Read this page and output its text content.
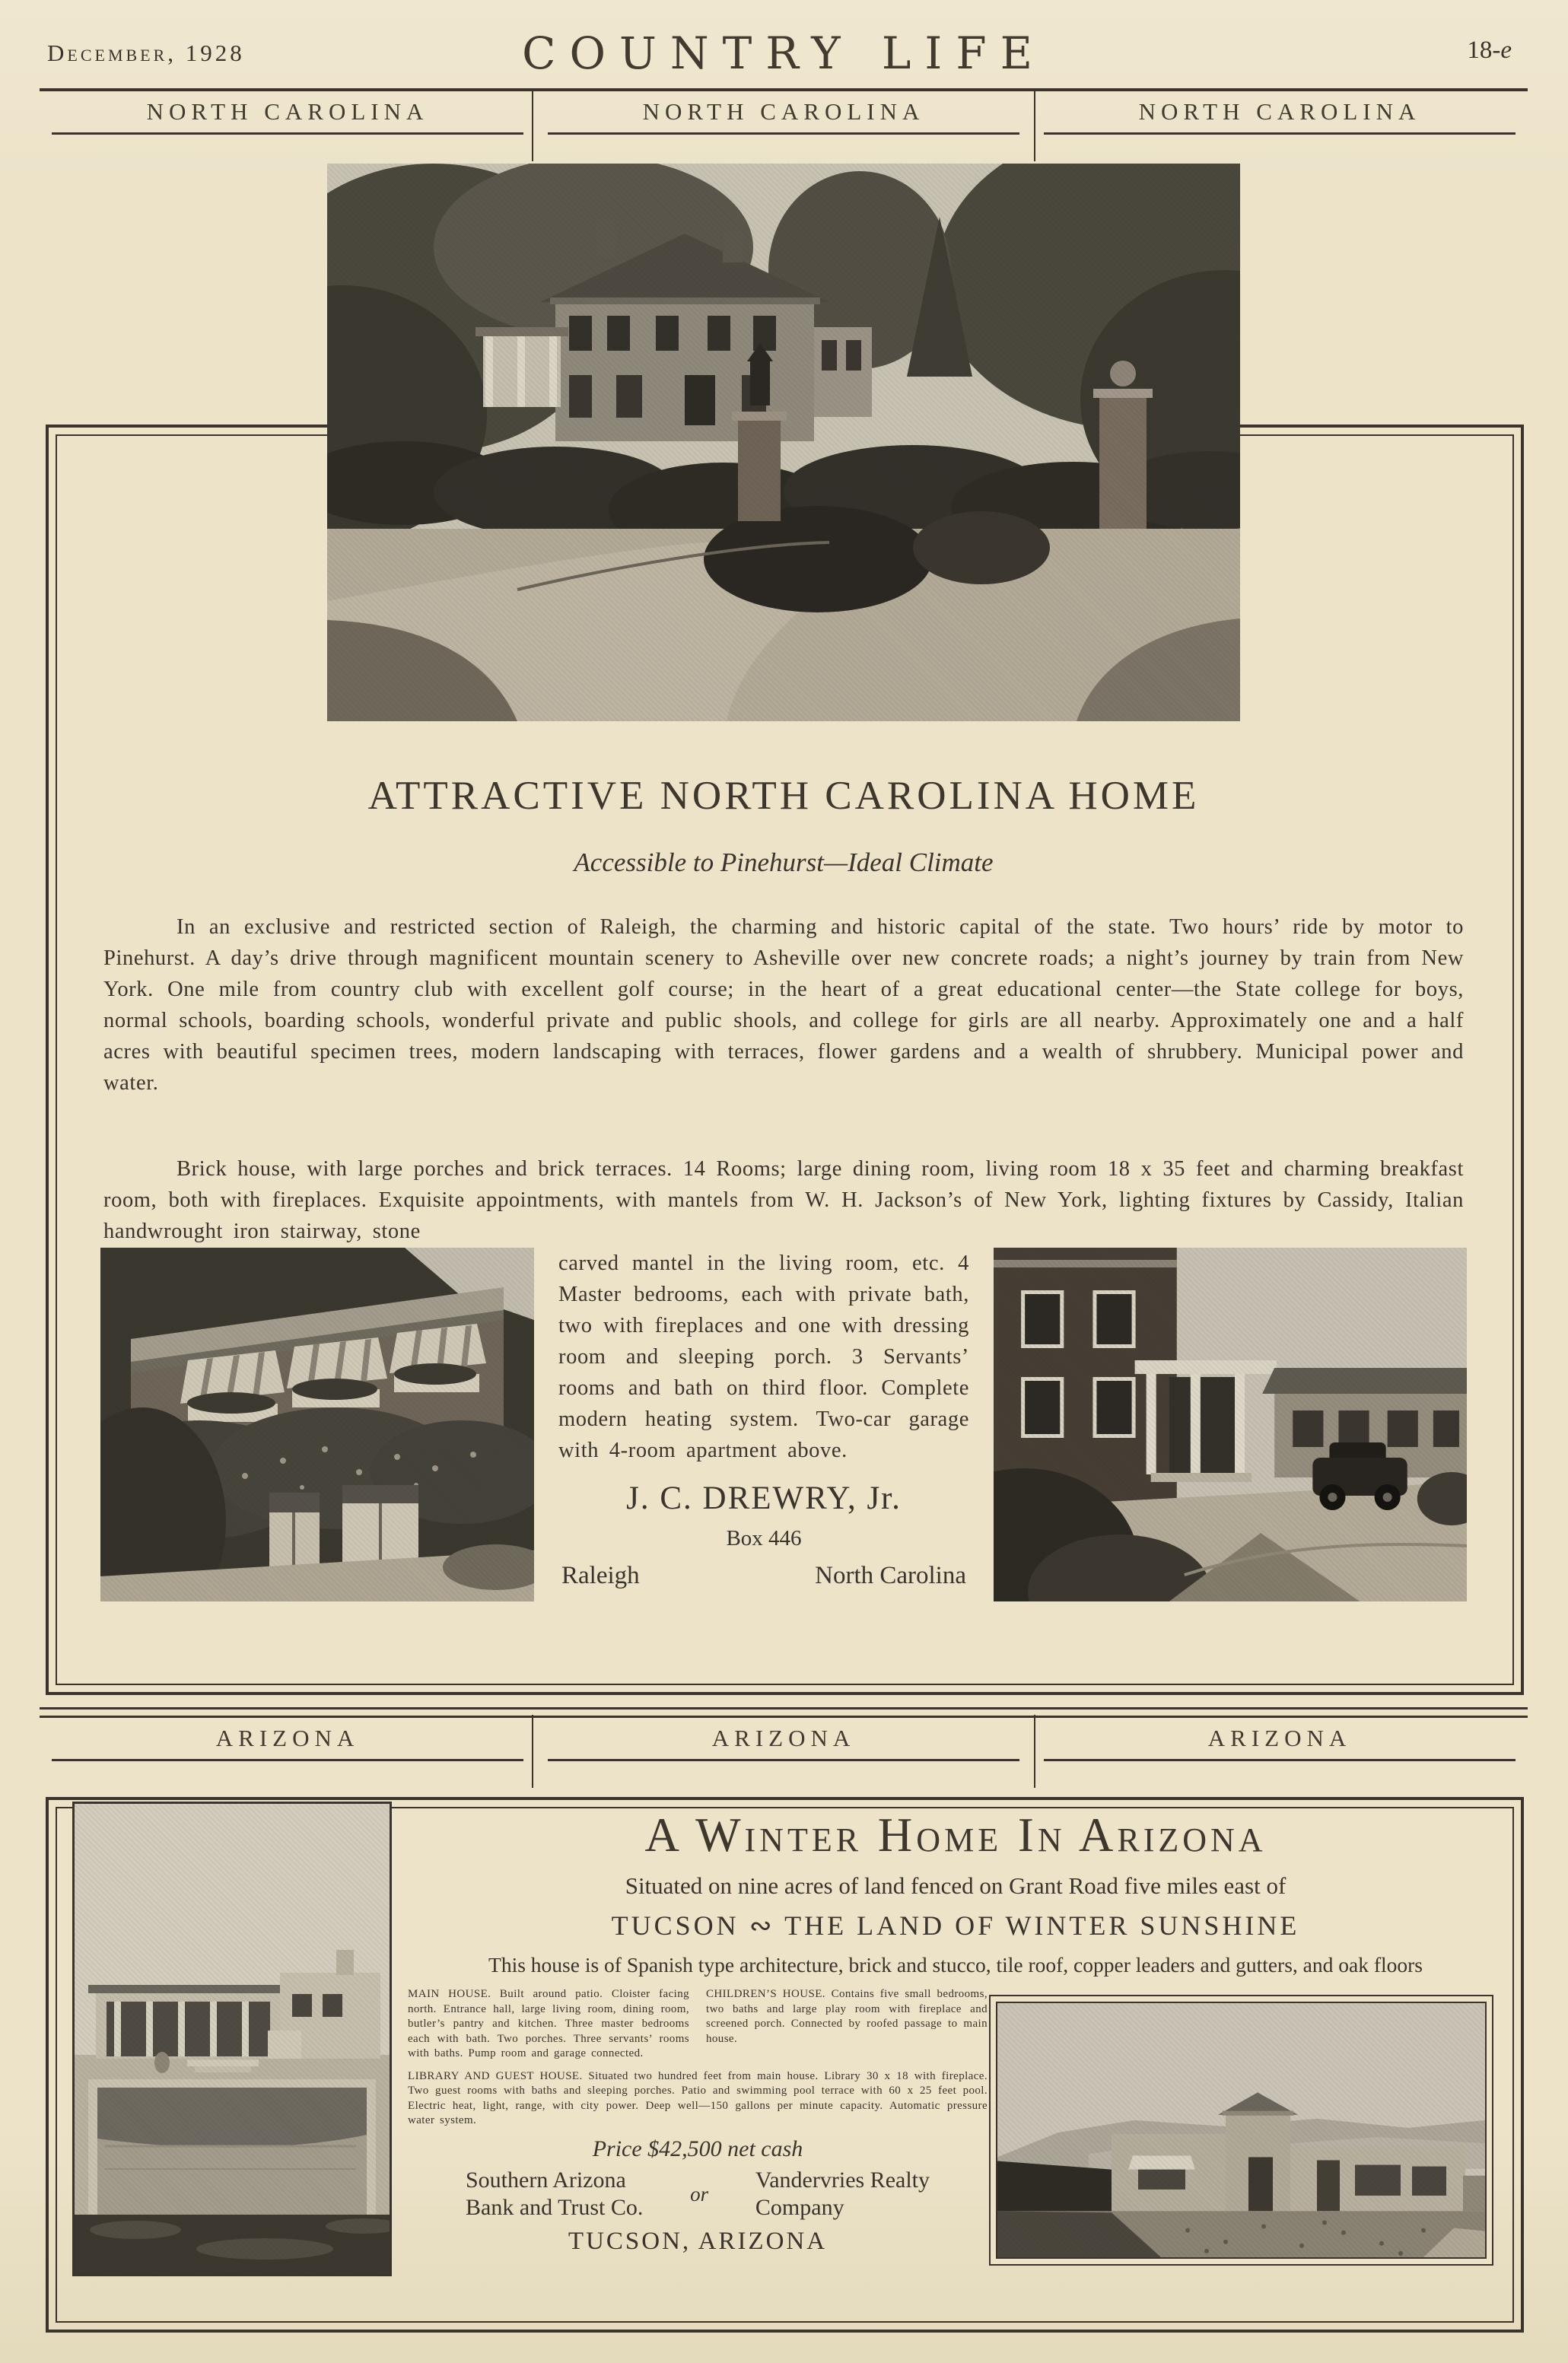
December, 1928	COUNTRY LIFE	18-e
NORTH CAROLINA	NORTH CAROLINA	NORTH CAROLINA
ATTRACTIVE NORTH CAROLINA HOME
Accessible to Pinehurst—Ideal Climate
In an exclusive and restricted section of Raleigh, the charming and historic capital of the state. Two hours’ ride by motor to Pinehurst. A day’s drive through magnificent mountain scenery to Asheville over new concrete roads; a night’s journey by train from New York. One mile from country club with excellent golf course; in the heart of a great educational center—the State college for boys, normal schools, boarding schools, wonderful private and public shools, and college for girls are all nearby. Approximately one and a half acres with beautiful specimen trees, modern landscaping with terraces, flower gardens and a wealth of shrubbery. Municipal power and water.
Brick house, with large porches and brick terraces. 14 Rooms; large dining room, living room 18 x 35 feet and charming breakfast room, both with fireplaces. Exquisite appointments, with mantels from W. H. Jackson’s of New York, lighting fixtures by Cassidy, Italian handwrought iron stairway, stone
carved mantel in the living room, etc. 4 Master bedrooms, each with private bath, two with fireplaces and one with dressing room and sleeping porch. 3 Servants’ rooms and bath on third floor. Complete modern heating system. Two-car garage with 4-room apartment above.
J. C. DREWRY, Jr.
Box 446
Raleigh	North Carolina
ARIZONA	ARIZONA	ARIZONA
A Winter Home In Arizona
Situated on nine acres of land fenced on Grant Road five miles east of
TUCSON ∾ THE LAND OF WINTER SUNSHINE
This house is of Spanish type architecture, brick and stucco, tile roof, copper leaders and gutters, and oak floors
MAIN HOUSE. Built around patio. Cloister facing north. Entrance hall, large living room, dining room, butler’s pantry and kitchen. Three master bedrooms each with bath. Two porches. Three servants’ rooms with baths. Pump room and garage connected.
CHILDREN’S HOUSE. Contains five small bedrooms, two baths and large play room with fireplace and screened porch. Connected by roofed passage to main house.
LIBRARY AND GUEST HOUSE. Situated two hundred feet from main house. Library 30 x 18 with fireplace. Two guest rooms with baths and sleeping porches. Patio and swimming pool terrace with 60 x 25 feet pool. Electric heat, light, range, with city power. Deep well—150 gallons per minute capacity. Automatic pressure water system.
Price $42,500 net cash
Southern Arizona
Bank and Trust Co.
or
Vandervries Realty
Company
TUCSON, ARIZONA
